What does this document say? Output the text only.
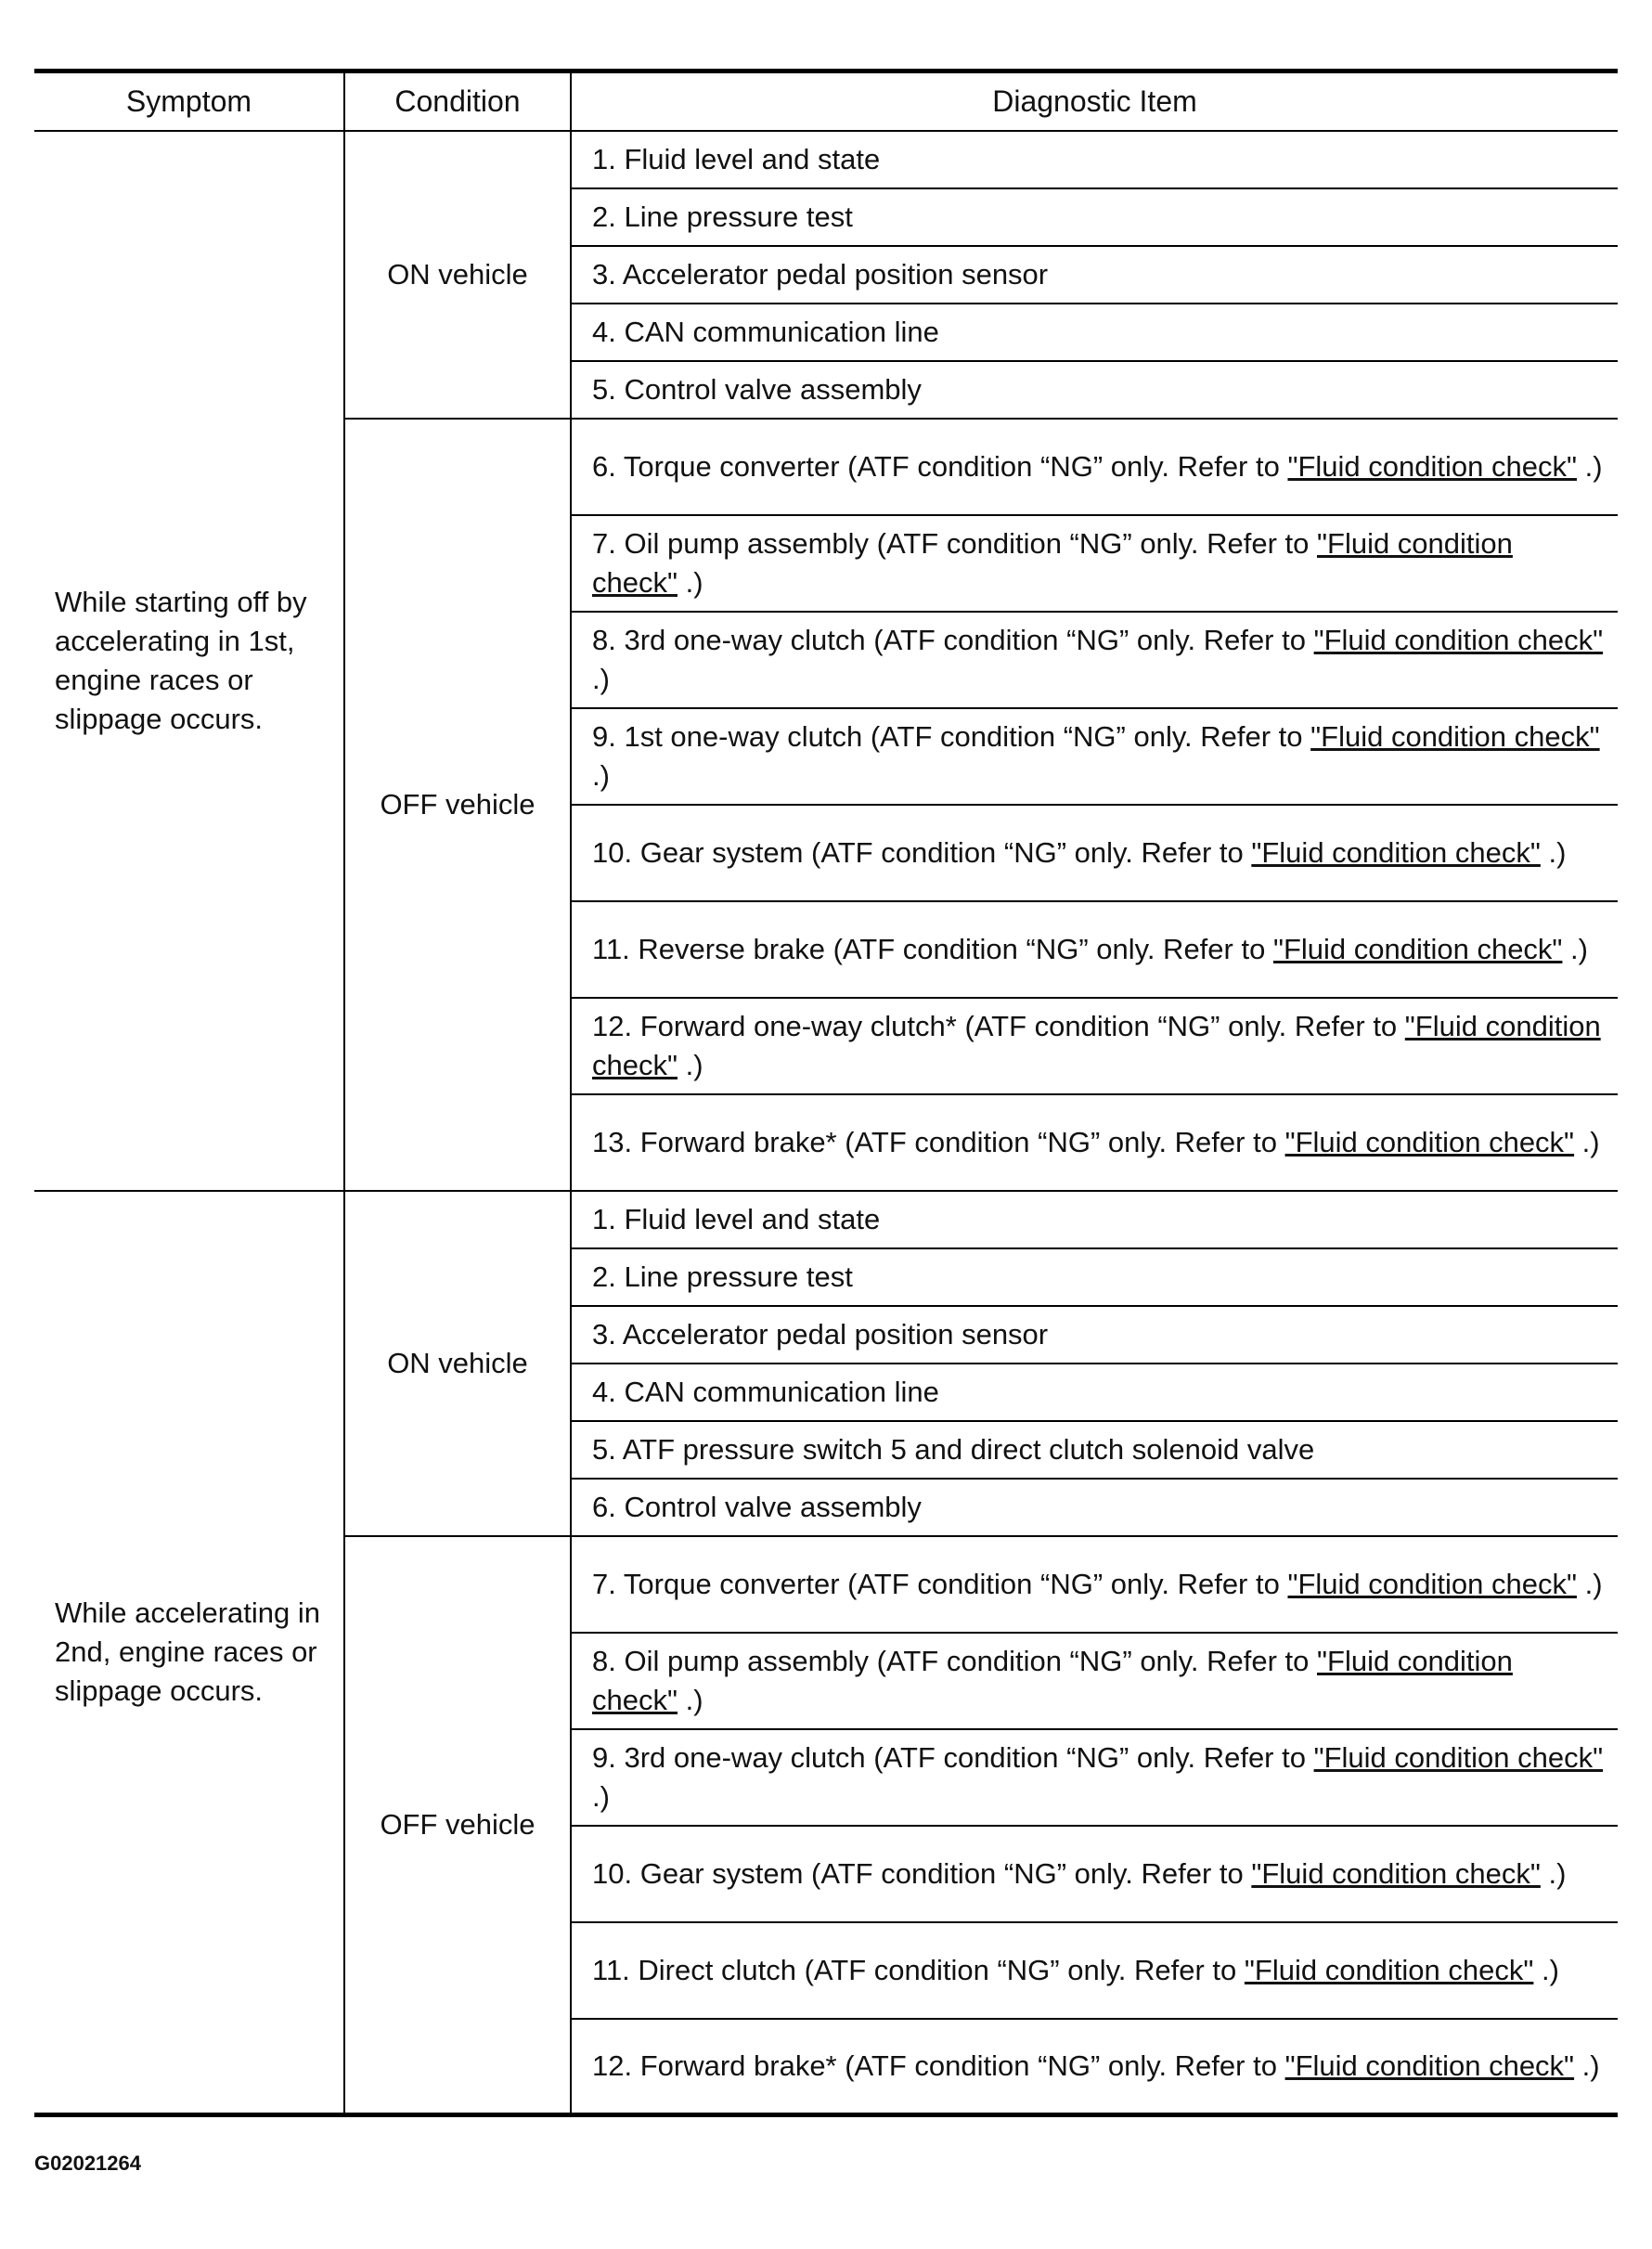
Symptom	Condition	Diagnostic Item
While starting off by accelerating in 1st, engine races or slippage occurs.	ON vehicle	1. Fluid level and state
		2. Line pressure test
		3. Accelerator pedal position sensor
		4. CAN communication line
		5. Control valve assembly
	OFF vehicle	6. Torque converter (ATF condition “NG” only. Refer to "Fluid condition check" .)
		7. Oil pump assembly (ATF condition “NG” only. Refer to "Fluid condition check" .)
		8. 3rd one-way clutch (ATF condition “NG” only. Refer to "Fluid condition check" .)
		9. 1st one-way clutch (ATF condition “NG” only. Refer to "Fluid condition check" .)
		10. Gear system (ATF condition “NG” only. Refer to "Fluid condition check" .)
		11. Reverse brake (ATF condition “NG” only. Refer to "Fluid condition check" .)
		12. Forward one-way clutch* (ATF condition “NG” only. Refer to "Fluid condition check" .)
		13. Forward brake* (ATF condition “NG” only. Refer to "Fluid condition check" .)
While accelerating in 2nd, engine races or slippage occurs.	ON vehicle	1. Fluid level and state
		2. Line pressure test
		3. Accelerator pedal position sensor
		4. CAN communication line
		5. ATF pressure switch 5 and direct clutch solenoid valve
		6. Control valve assembly
	OFF vehicle	7. Torque converter (ATF condition “NG” only. Refer to "Fluid condition check" .)
		8. Oil pump assembly (ATF condition “NG” only. Refer to "Fluid condition check" .)
		9. 3rd one-way clutch (ATF condition “NG” only. Refer to "Fluid condition check" .)
		10. Gear system (ATF condition “NG” only. Refer to "Fluid condition check" .)
		11. Direct clutch (ATF condition “NG” only. Refer to "Fluid condition check" .)
		12. Forward brake* (ATF condition “NG” only. Refer to "Fluid condition check" .)
G02021264
